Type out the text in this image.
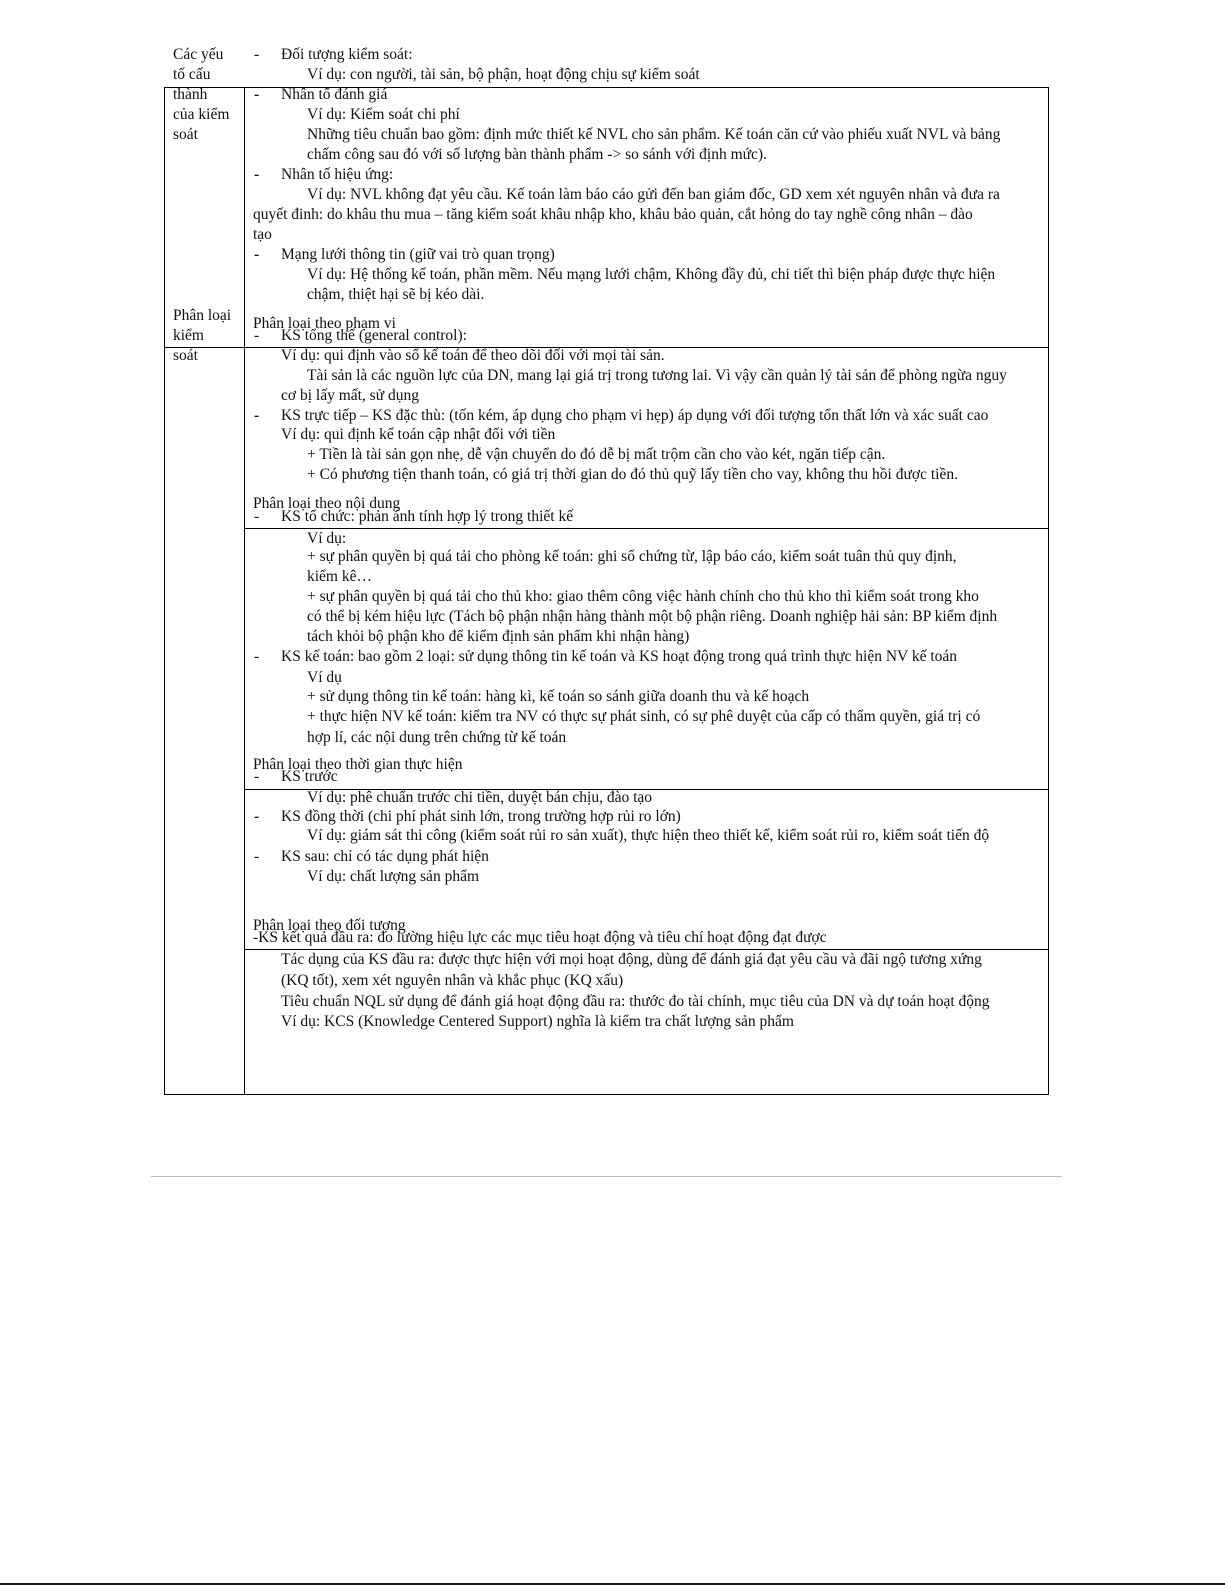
Các yếu
tố cấu
thành
của kiểm
soát
Phân loại
kiểm
soát
- Đối tượng kiểm soát:
Ví dụ: con người, tài sản, bộ phận, hoạt động chịu sự kiểm soát
- Nhân tố đánh giá
Ví dụ: Kiểm soát chi phí
Những tiêu chuẩn bao gồm: định mức thiết kế NVL cho sản phẩm. Kế toán căn cứ vào phiếu xuất NVL và bảng
chấm công sau đó với số lượng bàn thành phẩm -> so sánh với định mức).
- Nhân tố hiệu ứng:
Ví dụ: NVL không đạt yêu cầu. Kế toán làm báo cáo gửi đến ban giám đốc, GD xem xét nguyên nhân và đưa ra
quyết đinh: do khâu thu mua – tăng kiểm soát khâu nhập kho, khâu bảo quản, cắt hỏng do tay nghề công nhân – đào
tạo
- Mạng lưới thông tin (giữ vai trò quan trọng)
Ví dụ: Hệ thống kế toán, phần mềm. Nếu mạng lưới chậm, Không đầy đủ, chi tiết thì biện pháp được thực hiện
chậm, thiệt hại sẽ bị kéo dài.
Phân loại theo phạm vi
- KS tổng thể (general control):
Ví dụ: qui định vào sổ kế toán để theo dõi đối với mọi tài sản.
Tài sản là các nguồn lực của DN, mang lại giá trị trong tương lai. Vì vậy cần quản lý tài sản để phòng ngừa nguy
cơ bị lấy mất, sử dụng
- KS trực tiếp – KS đặc thù: (tốn kém, áp dụng cho phạm vi hẹp) áp dụng với đối tượng tổn thất lớn và xác suất cao
Ví dụ: qui định kế toán cập nhật đối với tiền
+ Tiền là tài sản gọn nhẹ, dễ vận chuyển do đó dễ bị mất trộm cần cho vào két, ngăn tiếp cận.
+ Có phương tiện thanh toán, có giá trị thời gian do đó thủ quỹ lấy tiền cho vay, không thu hồi được tiền.
Phân loại theo nội dung
- KS tổ chức: phản ánh tính hợp lý trong thiết kế
Ví dụ:
+ sự phân quyền bị quá tải cho phòng kế toán: ghi sổ chứng từ, lập báo cáo, kiểm soát tuân thủ quy định,
kiểm kê…
+ sự phân quyền bị quá tải cho thủ kho: giao thêm công việc hành chính cho thủ kho thì kiểm soát trong kho
có thể bị kém hiệu lực (Tách bộ phận nhận hàng thành một bộ phận riêng. Doanh nghiệp hải sản: BP kiểm định
tách khỏi bộ phận kho để kiểm định sản phẩm khi nhận hàng)
- KS kế toán: bao gồm 2 loại: sử dụng thông tin kế toán và KS hoạt động trong quá trình thực hiện NV kế toán
Ví dụ
+ sử dụng thông tin kế toán: hàng kì, kế toán so sánh giữa doanh thu và kế hoạch
+ thực hiện NV kế toán: kiểm tra NV có thực sự phát sinh, có sự phê duyệt của cấp có thẩm quyền, giá trị có
hợp lí, các nội dung trên chứng từ kế toán
Phân loại theo thời gian thực hiện
- KS trước
Ví dụ: phê chuẩn trước chi tiền, duyệt bán chịu, đào tạo
- KS đồng thời (chi phí phát sinh lớn, trong trường hợp rủi ro lớn)
Ví dụ: giám sát thi công (kiểm soát rủi ro sản xuất), thực hiện theo thiết kế, kiểm soát rủi ro, kiểm soát tiến độ
- KS sau: chỉ có tác dụng phát hiện
Ví dụ: chất lượng sản phẩm
Phân loại theo đối tượng
-KS kết quả đầu ra: đo lường hiệu lực các mục tiêu hoạt động và tiêu chí hoạt động đạt được
Tác dụng của KS đầu ra: được thực hiện với mọi hoạt động, dùng để đánh giá đạt yêu cầu và đãi ngộ tương xứng
(KQ tốt), xem xét nguyên nhân và khắc phục (KQ xấu)
Tiêu chuẩn NQL sử dụng để đánh giá hoạt động đầu ra: thước đo tài chính, mục tiêu của DN và dự toán hoạt động
Ví dụ: KCS (Knowledge Centered Support) nghĩa là kiểm tra chất lượng sản phẩm
